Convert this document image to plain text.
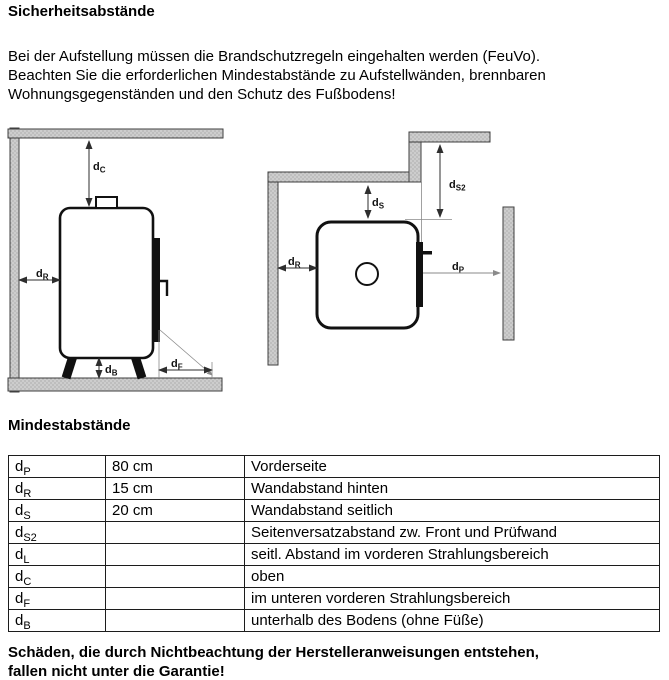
Sicherheitsabstände
Bei der Aufstellung müssen die Brandschutzregeln eingehalten werden (FeuVo).
Beachten Sie die erforderlichen Mindestabstände zu Aufstellwänden, brennbaren
Wohnungsgegenständen und den Schutz des Fußbodens!
$d_C$
$d_R$
$d_B$
$d_F$
$d_S$
$d_{S2}$
$d_R$	$d_P$
Mindestabstände
$d_P$	80 cm	Vorderseite
$d_R$	15 cm	Wandabstand hinten
$d_S$	20 cm	Wandabstand seitlich
$d_{S2}$		Seitenversatzabstand zw. Front und Prüfwand
$d_L$		seitl. Abstand im vorderen Strahlungsbereich
$d_C$		oben
$d_F$		im unteren vorderen Strahlungsbereich
$d_B$		unterhalb des Bodens (ohne Füße)
Schäden, die durch Nichtbeachtung der Herstelleranweisungen entstehen,
fallen nicht unter die Garantie!
